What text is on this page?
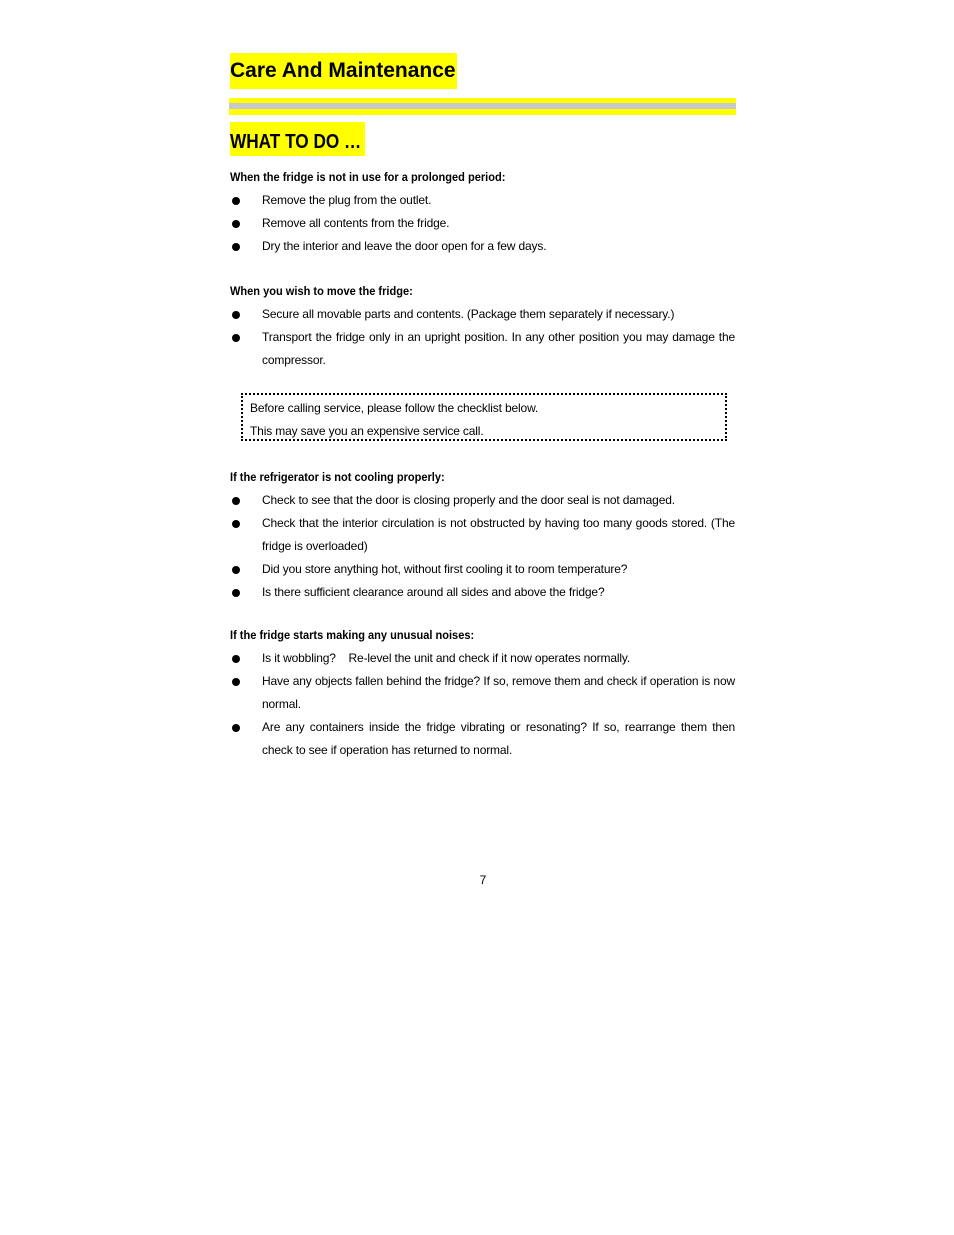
Care And Maintenance
WHAT TO DO …
When the fridge is not in use for a prolonged period:
Remove the plug from the outlet.
Remove all contents from the fridge.
Dry the interior and leave the door open for a few days.
When you wish to move the fridge:
Secure all movable parts and contents. (Package them separately if necessary.)
Transport the fridge only in an upright position. In any other position you may damage the compressor.
Before calling service, please follow the checklist below.
This may save you an expensive service call.
If the refrigerator is not cooling properly:
Check to see that the door is closing properly and the door seal is not damaged.
Check that the interior circulation is not obstructed by having too many goods stored. (The fridge is overloaded)
Did you store anything hot, without first cooling it to room temperature?
Is there sufficient clearance around all sides and above the fridge?
If the fridge starts making any unusual noises:
Is it wobbling?    Re-level the unit and check if it now operates normally.
Have any objects fallen behind the fridge? If so, remove them and check if operation is now normal.
Are any containers inside the fridge vibrating or resonating? If so, rearrange them then check to see if operation has returned to normal.
7
